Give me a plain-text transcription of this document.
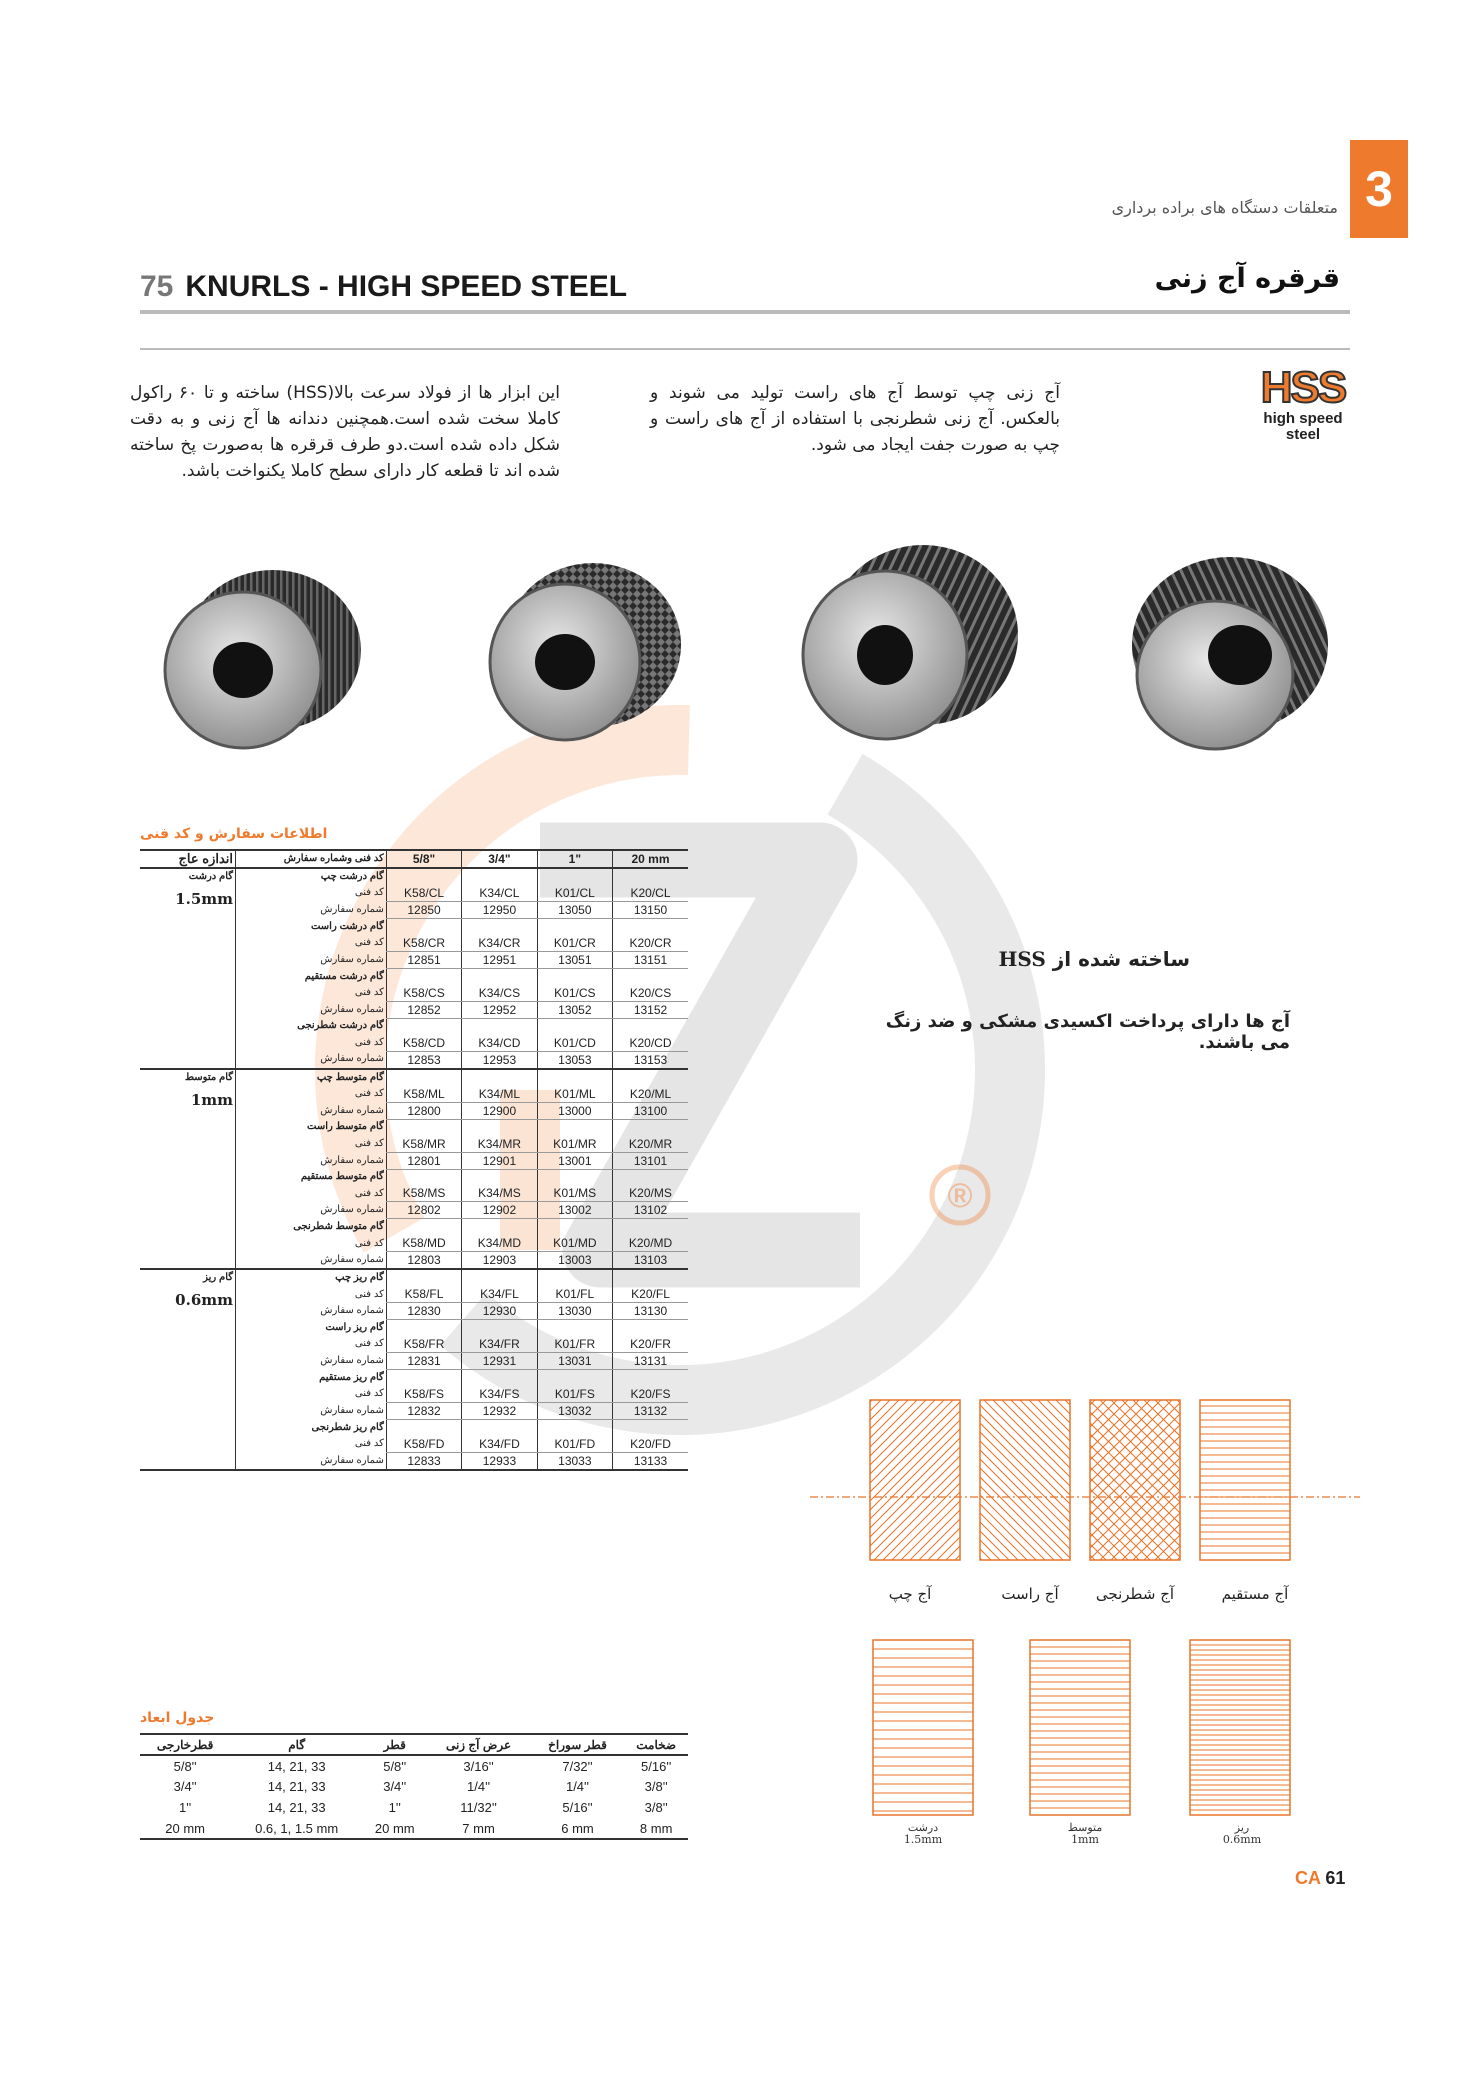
3
متعلقات دستگاه های براده برداری
75 KNURLS - HIGH SPEED STEEL	قرقره آج زنی
HSS
high speed
steel
آج زنی چپ توسط آج های راست تولید می شوند و بالعکس. آج زنی شطرنجی با استفاده از آج های راست و چپ به صورت جفت ایجاد می شود.
این ابزار ها از فولاد سرعت بالا(HSS) ساخته و تا ۶۰ راکول کاملا سخت شده است.همچنین دندانه ها آج زنی و به دقت شکل داده شده است.دو طرف قرقره ها به‌صورت پخ ساخته شده اند تا قطعه کار دارای سطح کاملا یکنواخت باشد.
®
اطلاعات سفارش و کد فنی
اندازه عاج	کد فنی وشماره سفارش	5/8"	3/4"	1"	20 mm

گام درشت
1.5mm	گام درشت چپ				
	کد فنی	K58/CL	K34/CL	K01/CL	K20/CL
	شماره سفارش	12850	12950	13050	13150
	گام درشت راست				
	کد فنی	K58/CR	K34/CR	K01/CR	K20/CR
	شماره سفارش	12851	12951	13051	13151
	گام درشت مستقیم				
	کد فنی	K58/CS	K34/CS	K01/CS	K20/CS
	شماره سفارش	12852	12952	13052	13152
	گام درشت شطرنجی				
	کد فنی	K58/CD	K34/CD	K01/CD	K20/CD
	شماره سفارش	12853	12953	13053	13153

گام متوسط
1mm	گام متوسط چپ				
	کد فنی	K58/ML	K34/ML	K01/ML	K20/ML
	شماره سفارش	12800	12900	13000	13100
	گام متوسط راست				
	کد فنی	K58/MR	K34/MR	K01/MR	K20/MR
	شماره سفارش	12801	12901	13001	13101
	گام متوسط مستقیم				
	کد فنی	K58/MS	K34/MS	K01/MS	K20/MS
	شماره سفارش	12802	12902	13002	13102
	گام متوسط شطرنجی				
	کد فنی	K58/MD	K34/MD	K01/MD	K20/MD
	شماره سفارش	12803	12903	13003	13103

گام ریز
0.6mm	گام ریز چپ				
	کد فنی	K58/FL	K34/FL	K01/FL	K20/FL
	شماره سفارش	12830	12930	13030	13130
	گام ریز راست				
	کد فنی	K58/FR	K34/FR	K01/FR	K20/FR
	شماره سفارش	12831	12931	13031	13131
	گام ریز مستقیم				
	کد فنی	K58/FS	K34/FS	K01/FS	K20/FS
	شماره سفارش	12832	12932	13032	13132
	گام ریز شطرنجی				
	کد فنی	K58/FD	K34/FD	K01/FD	K20/FD
	شماره سفارش	12833	12933	13033	13133
جدول ابعاد
قطرخارجی	گام	قطر	عرض آج زنی	قطر سوراخ	ضخامت
5/8''	14, 21, 33	5/8''	3/16''	7/32''	5/16''
3/4''	14, 21, 33	3/4''	1/4''	1/4''	3/8''
1''	14, 21, 33	1''	11/32''	5/16''	3/8''
20 mm	0.6, 1, 1.5 mm	20 mm	7 mm	6 mm	8 mm
ساخته شده از HSS
آج ها دارای پرداخت اکسیدی مشکی و ضد زنگ می باشند.
آج چپ	آج راست	آج شطرنجی	آج مستقیم
درشت
1.5mm
متوسط
1mm
ریز
0.6mm
CA 61
